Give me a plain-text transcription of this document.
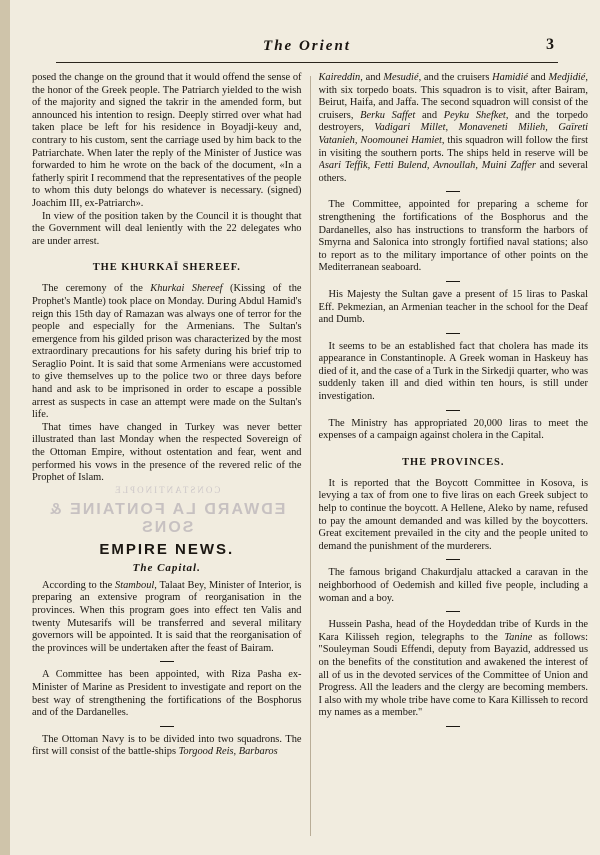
The Orient	3

posed the change on the ground that it would offend the sense of the honor of the Greek people. The Patriarch yielded to the wish of the majority and signed the takrir in the amended form, but announced his intention to resign. Deeply stirred over what had taken place be left for his residence in Boyadji-keuy and, contrary to his custom, sent the carriage used by him back to the Patriarchate. When later the reply of the Minister of Justice was forwarded to him he wrote on the back of the document, «In a fatherly spirit I recommend that the representatives of the people to whom this duty belongs do whatever is necessary. (signed) Joachim III, ex-Patriarch».

In view of the position taken by the Council it is thought that the Government will deal leniently with the 22 delegates who are under arrest.

THE KHURKAÏ SHEREEF.

The ceremony of the Khurkai Shereef (Kissing of the Prophet's Mantle) took place on Monday. During Abdul Hamid's reign this 15th day of Ramazan was always one of terror for the people and especially for the Armenians. The Sultan's emergence from his gilded prison was characterized by the most extraordinary precautions for his safety during his brief trip to Seraglio Point. It is said that some Armenians were accustomed to give themselves up to the police two or three days before hand and ask to be imprisoned in order to escape a possible arrest as suspects in case an attempt were made on the Sultan's life.

That times have changed in Turkey was never better illustrated than last Monday when the respected Sovereign of the Ottoman Empire, without ostentation and fear, went and performed his vows in the presence of the revered relic of the Prophet of Islam.

CONSTANTINOPLE
EDWARD LA FONTAINE & SONS
EMPIRE NEWS.
The Capital.

According to the Stamboul, Talaat Bey, Minister of Interior, is preparing an extensive program of reorganisation in the provinces. When this program goes into effect ten Valis and twenty Mutesarifs will be transferred and several military governors will be appointed. It is said that the reorganisation of the provinces will be undertaken after the feast of Bairam.

A Committee has been appointed, with Riza Pasha ex-Minister of Marine as President to investigate and report on the best way of strengthening the fortifications of the Bosphorus and of the Dardanelles.

The Ottoman Navy is to be divided into two squadrons. The first will consist of the battle-ships Torgood Reis, Barbaros

Kaireddin, and Mesudié, and the cruisers Hamidié and Medjidié, with six torpedo boats. This squadron is to visit, after Bairam, Beirut, Haifa, and Jaffa. The second squadron will consist of the cruisers, Berku Saffet and Peyku Shefket, and the torpedo destroyers, Vadigari Millet, Monaveneti Milieh, Gaïreti Vatanieh, Noomounei Hamiet, this squadron will follow the first in visiting the southern ports. The ships held in reserve will be Asari Teffik, Fetti Bulend, Avnoullah, Muini Zaffer and several others.

The Committee, appointed for preparing a scheme for strengthening the fortifications of the Bosphorus and the Dardanelles, also has instructions to transform the harbors of Smyrna and Salonica into strongly fortified naval stations; also to report as to the military importance of other points on the Mediterranean seaboard.

His Majesty the Sultan gave a present of 15 liras to Paskal Eff. Pekmezian, an Armenian teacher in the school for the Deaf and Dumb.

It seems to be an established fact that cholera has made its appearance in Constantinople. A Greek woman in Haskeuy has died of it, and the case of a Turk in the Sirkedji quarter, who was suddenly taken ill and died within ten hours, is still under investigation.

The Ministry has appropriated 20,000 liras to meet the expenses of a campaign against cholera in the Capital.

THE PROVINCES.

It is reported that the Boycott Committee in Kosova, is levying a tax of from one to five liras on each Greek subject to help to continue the boycott. A Hellene, Aleko by name, refused to pay the amount demanded and was killed by the boycotters. Great excitement prevailed in the city and the people united to demand the punishment of the murderers.

The famous brigand Chakurdjalu attacked a caravan in the neighborhood of Oedemish and killed five people, including a woman and a boy.

Hussein Pasha, head of the Hoydeddan tribe of Kurds in the Kara Kilisseh region, telegraphs to the Tanine as follows: "Souleyman Soudi Effendi, deputy from Bayazid, addressed us on the benefits of the constitution and awakened the interest of all of us in the devoted services of the Committee of Union and Progress. All the leaders and the clergy are becoming members. I also with my whole tribe have come to Kara Killisseh to record my names as a member."
